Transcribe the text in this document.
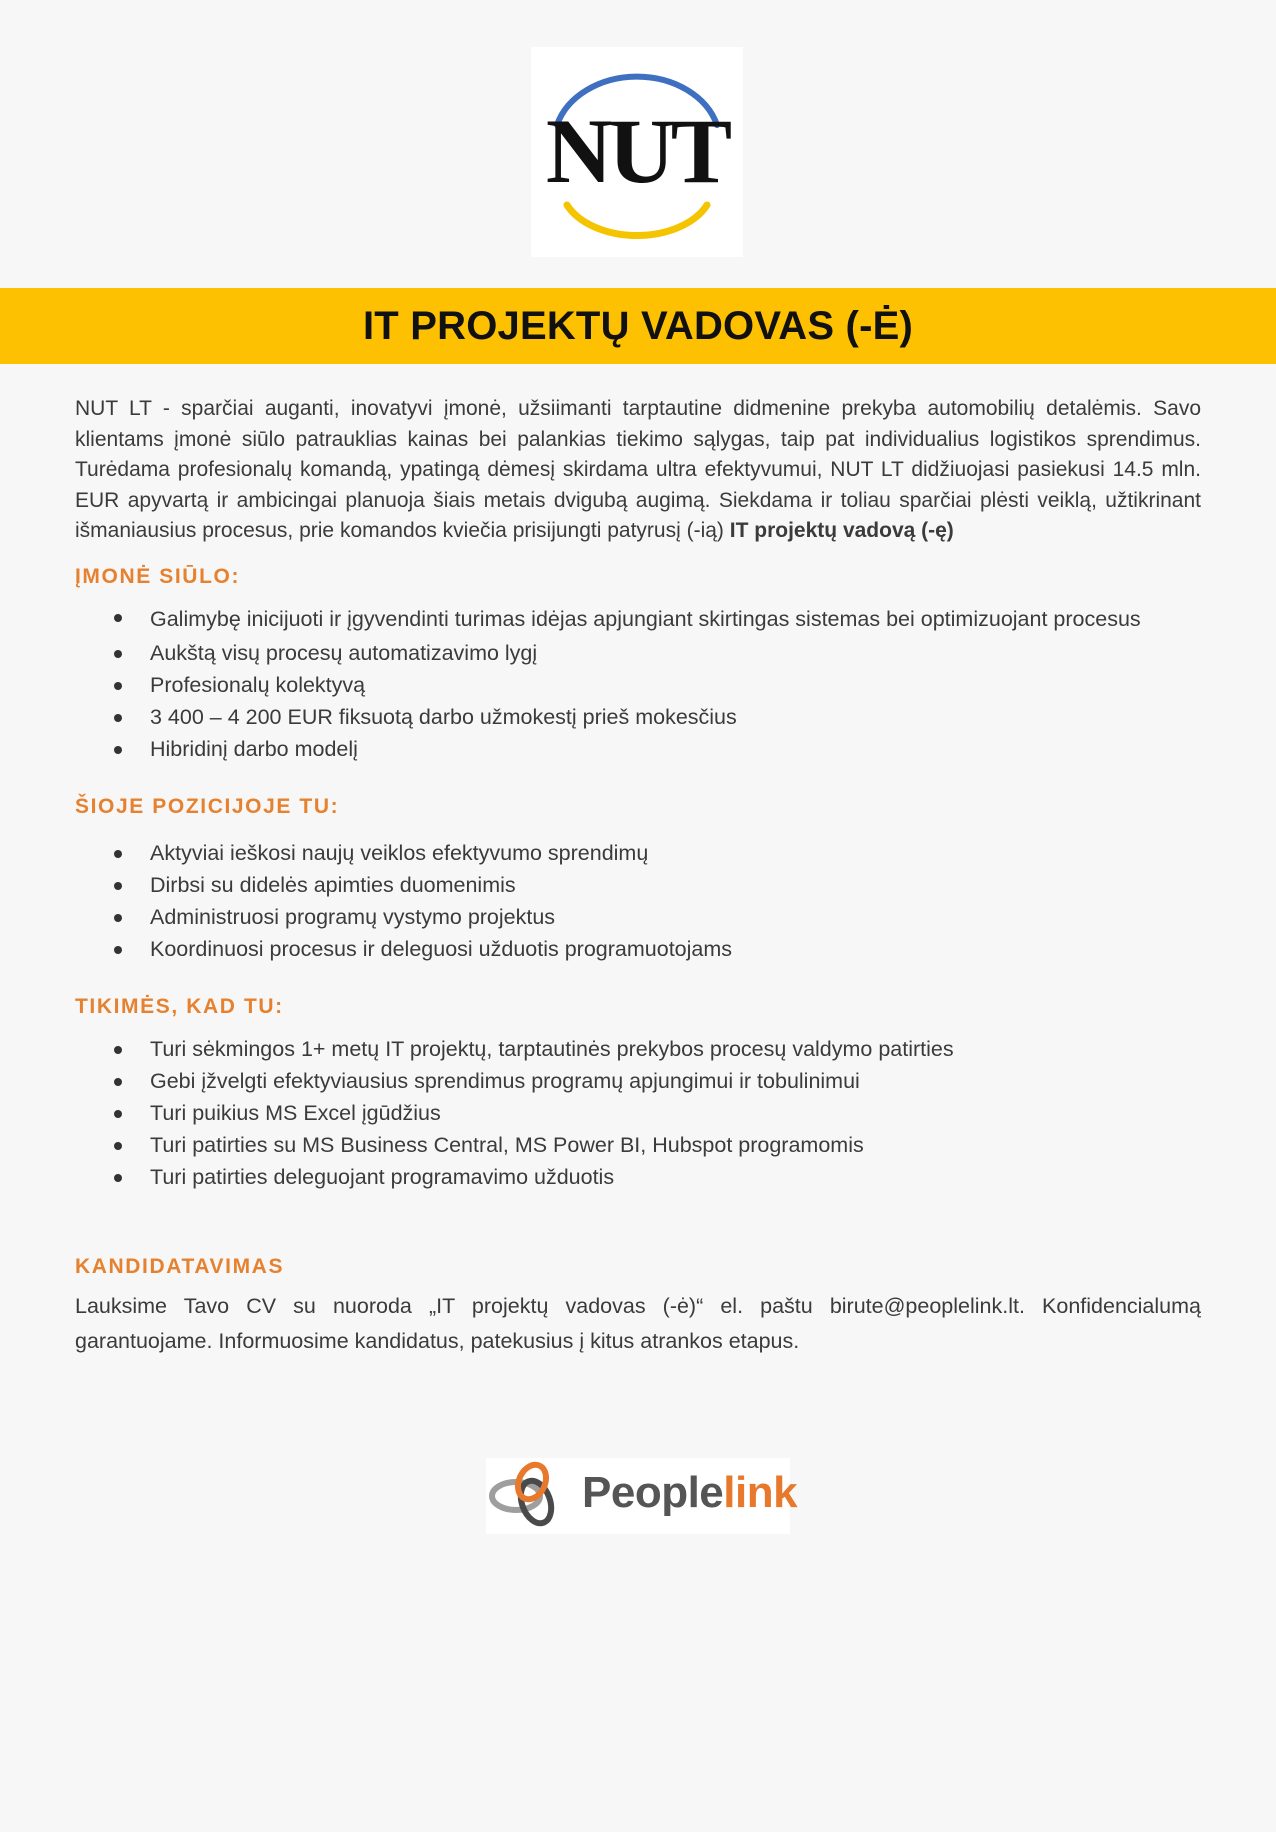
NUT
IT PROJEKTŲ VADOVAS (-Ė)

NUT LT - sparčiai auganti, inovatyvi įmonė, užsiimanti tarptautine didmenine prekyba automobilių detalėmis. Savo klientams įmonė siūlo patrauklias kainas bei palankias tiekimo sąlygas, taip pat individualius logistikos sprendimus. Turėdama profesionalų komandą, ypatingą dėmesį skirdama ultra efektyvumui, NUT LT didžiuojasi pasiekusi 14.5 mln. EUR apyvartą ir ambicingai planuoja šiais metais dvigubą augimą. Siekdama ir toliau sparčiai plėsti veiklą, užtikrinant išmaniausius procesus, prie komandos kviečia prisijungti patyrusį (-ią) IT projektų vadovą (-ę)

ĮMONĖ SIŪLO:
Galimybę inicijuoti ir įgyvendinti turimas idėjas apjungiant skirtingas sistemas bei optimizuojant procesus
Aukštą visų procesų automatizavimo lygį
Profesionalų kolektyvą
3 400 – 4 200 EUR fiksuotą darbo užmokestį prieš mokesčius
Hibridinį darbo modelį
ŠIOJE POZICIJOJE TU:
Aktyviai ieškosi naujų veiklos efektyvumo sprendimų
Dirbsi su didelės apimties duomenimis
Administruosi programų vystymo projektus
Koordinuosi procesus ir deleguosi užduotis programuotojams
TIKIMĖS, KAD TU:
Turi sėkmingos 1+ metų IT projektų, tarptautinės prekybos procesų valdymo patirties
Gebi įžvelgti efektyviausius sprendimus programų apjungimui ir tobulinimui
Turi puikius MS Excel įgūdžius
Turi patirties su MS Business Central, MS Power BI, Hubspot programomis
Turi patirties deleguojant programavimo užduotis
KANDIDATAVIMAS

Lauksime Tavo CV su nuoroda „IT projektų vadovas (-ė)“ el. paštu birute@peoplelink.lt. Konfidencialumą garantuojame. Informuosime kandidatus, patekusius į kitus atrankos etapus.

Peoplelink
